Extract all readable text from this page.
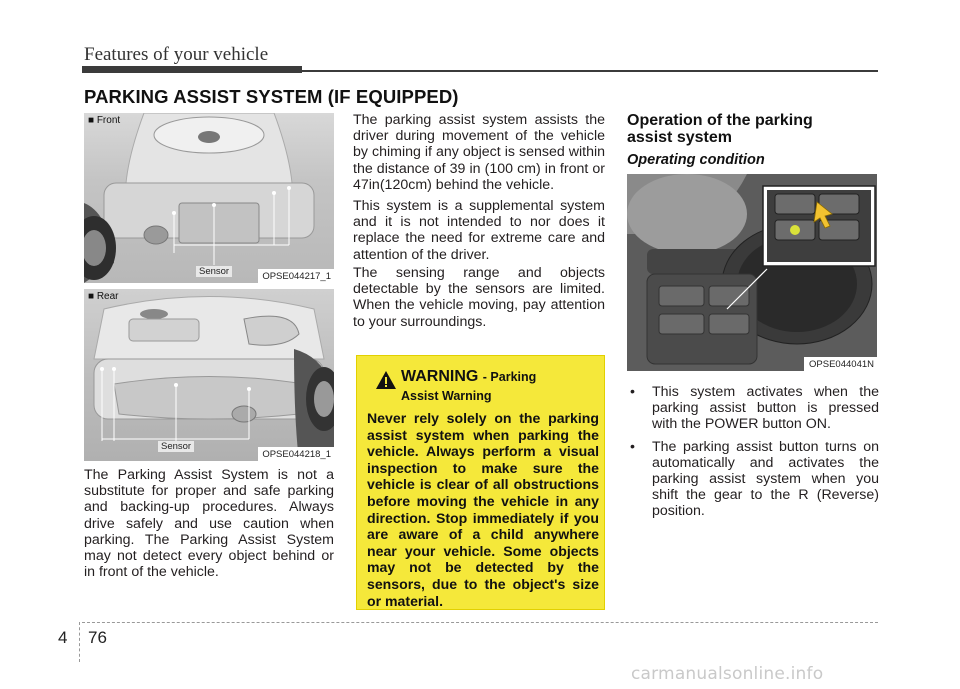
Features of your vehicle
PARKING ASSIST SYSTEM (IF EQUIPPED)
■ Front
Sensor	OPSE044217_1
■ Rear
Sensor
OPSE044218_1

The Parking Assist System is not a substitute for proper and safe parking and backing-up procedures. Always drive safely and use caution when parking. The Parking Assist System may not detect every object behind or in front of the vehicle.

The parking assist system assists the driver during movement of the vehicle by chiming if any object is sensed within the distance of 39 in (100 cm) in front or 47in(120cm) behind the vehicle.

This system is a supplemental system and it is not intended to nor does it replace the need for extreme care and attention of the driver.

The sensing range and objects detectable by the sensors are limited. When the vehicle moving, pay attention to your surroundings.

WARNING - Parking
Assist Warning
Never rely solely on the parking assist system when parking the vehicle. Always perform a visual inspection to make sure the vehicle is clear of all obstructions before moving the vehicle in any direction. Stop immediately if you are aware of a child anywhere near your vehicle. Some objects may not be detected by the sensors, due to the object's size or material.
Operation of the parking assist system
Operating condition
OPSE044041N
• This system activates when the parking assist button is pressed with the POWER button ON.
• The parking assist button turns on automatically and activates the parking assist system when you shift the gear to the R (Reverse) position.
4 76
carmanualsonline.info
